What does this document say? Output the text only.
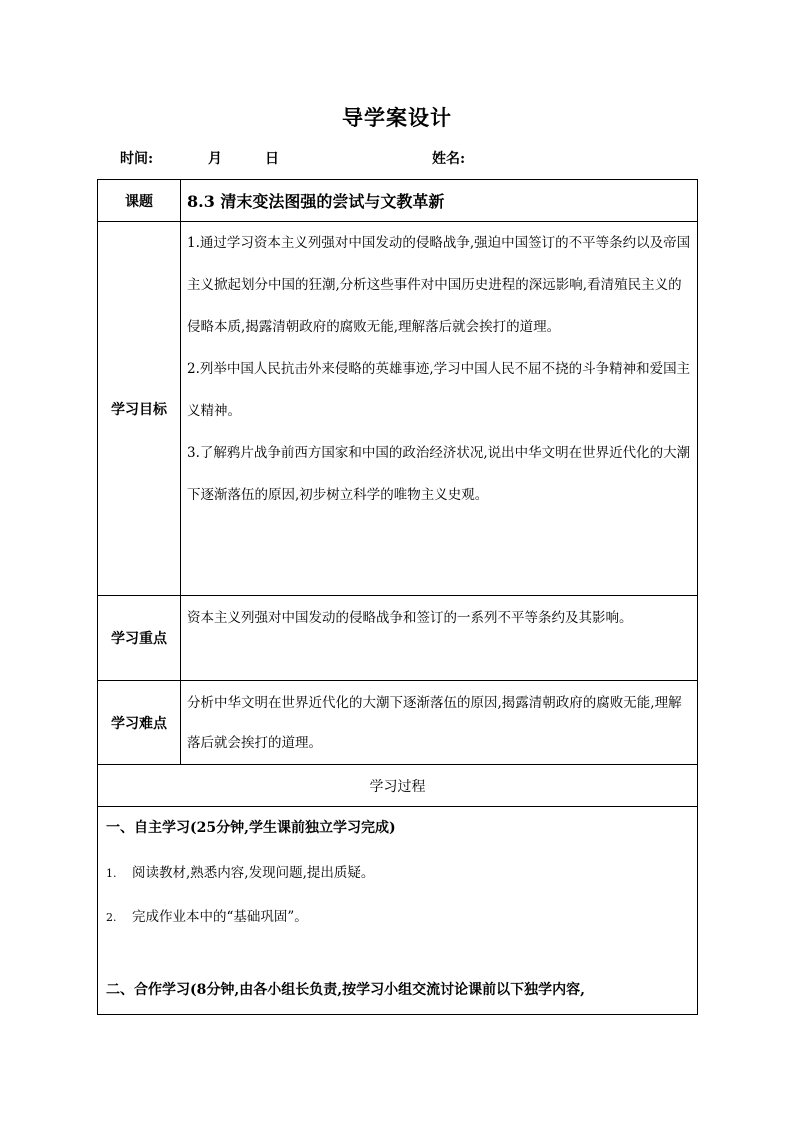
导学案设计
时间:	月	日	姓名:
课题	8.3 清末变法图强的尝试与文教革新
学习目标	1.通过学习资本主义列强对中国发动的侵略战争,强迫中国签订的不平等条约以及帝国主义掀起划分中国的狂潮,分析这些事件对中国历史进程的深远影响,看清殖民主义的侵略本质,揭露清朝政府的腐败无能,理解落后就会挨打的道理。

2.列举中国人民抗击外来侵略的英雄事迹,学习中国人民不屈不挠的斗争精神和爱国主义精神。

3.了解鸦片战争前西方国家和中国的政治经济状况,说出中华文明在世界近代化的大潮下逐渐落伍的原因,初步树立科学的唯物主义史观。

学习重点	资本主义列强对中国发动的侵略战争和签订的一系列不平等条约及其影响。
学习难点	分析中华文明在世界近代化的大潮下逐渐落伍的原因,揭露清朝政府的腐败无能,理解落后就会挨打的道理。
学习过程	

一、自主学习(25分钟,学生课前独立学习完成)
1. 阅读教材,熟悉内容,发现问题,提出质疑。
2. 完成作业本中的“基础巩固”。
二、合作学习(8分钟,由各小组长负责,按学习小组交流讨论课前以下独学内容,	
